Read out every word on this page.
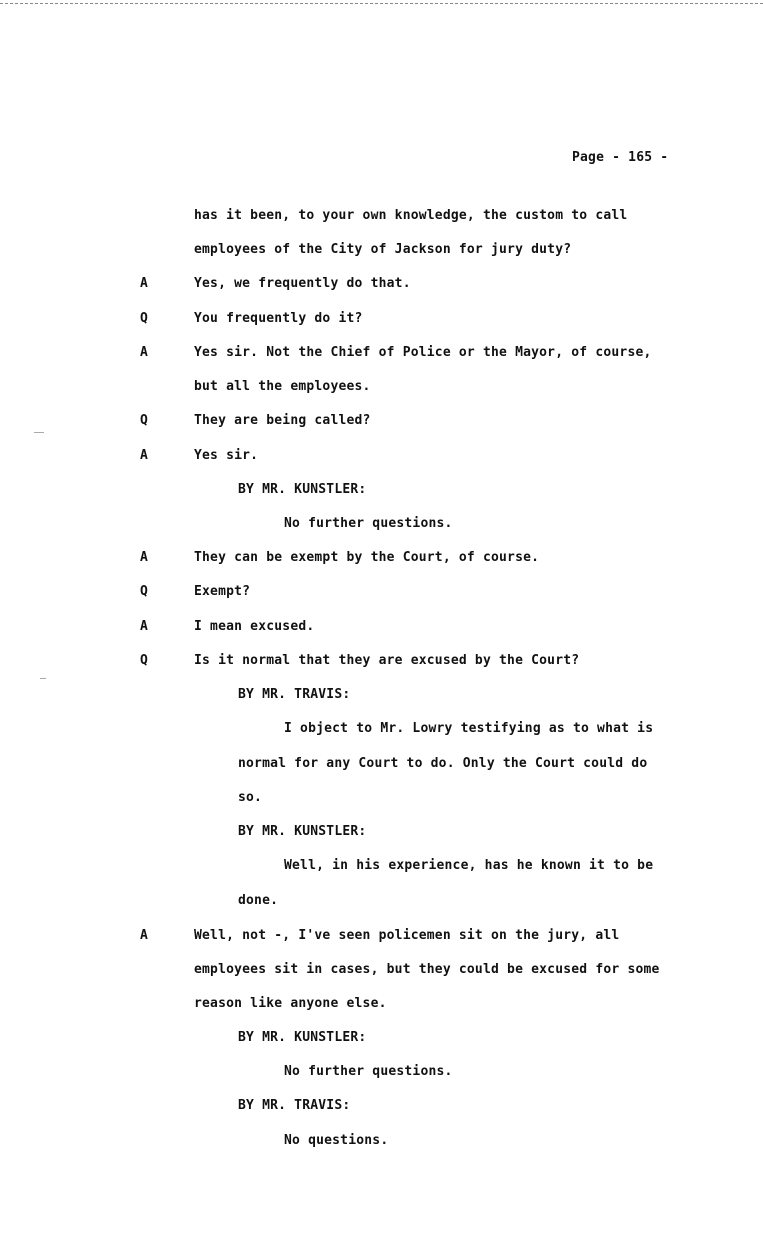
Page - 165 -
has it been, to your own knowledge, the custom to call
employees of the City of Jackson for jury duty?
A	Yes, we frequently do that.
Q	You frequently do it?
A	Yes sir. Not the Chief of Police or the Mayor, of course,
but all the employees.
Q	They are being called?
A	Yes sir.
BY MR. KUNSTLER:
No further questions.
A	They can be exempt by the Court, of course.
Q	Exempt?
A	I mean excused.
Q	Is it normal that they are excused by the Court?
BY MR. TRAVIS:
I object to Mr. Lowry testifying as to what is
normal for any Court to do. Only the Court could do
so.
BY MR. KUNSTLER:
Well, in his experience, has he known it to be
done.
A	Well, not -, I've seen policemen sit on the jury, all
employees sit in cases, but they could be excused for some
reason like anyone else.
BY MR. KUNSTLER:
No further questions.
BY MR. TRAVIS:
No questions.
